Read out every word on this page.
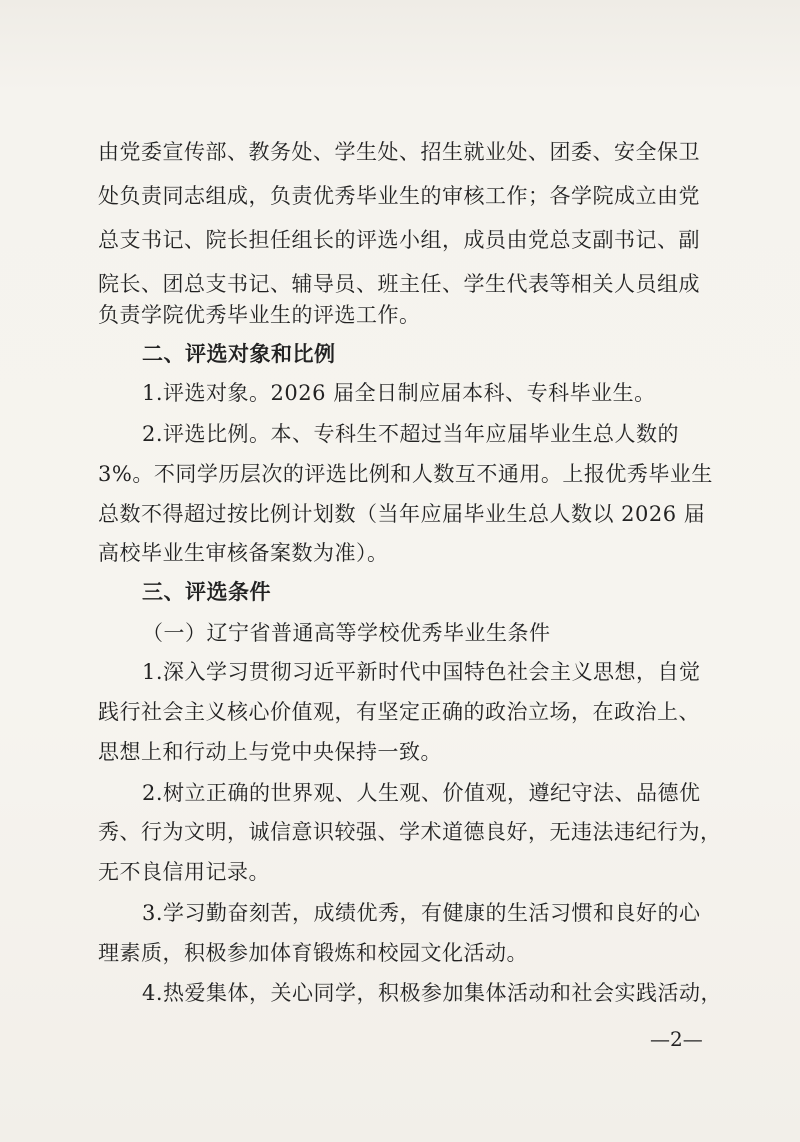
由党委宣传部、教务处、学生处、招生就业处、团委、安全保卫
处负责同志组成，负责优秀毕业生的审核工作；各学院成立由党
总支书记、院长担任组长的评选小组，成员由党总支副书记、副
院长、团总支书记、辅导员、班主任、学生代表等相关人员组成
负责学院优秀毕业生的评选工作。
二、评选对象和比例
1.评选对象。2026 届全日制应届本科、专科毕业生。
2.评选比例。本、专科生不超过当年应届毕业生总人数的
3%。不同学历层次的评选比例和人数互不通用。上报优秀毕业生
总数不得超过按比例计划数（当年应届毕业生总人数以 2026 届
高校毕业生审核备案数为准）。
三、评选条件
（一）辽宁省普通高等学校优秀毕业生条件
1.深入学习贯彻习近平新时代中国特色社会主义思想，自觉
践行社会主义核心价值观，有坚定正确的政治立场，在政治上、
思想上和行动上与党中央保持一致。
2.树立正确的世界观、人生观、价值观，遵纪守法、品德优
秀、行为文明，诚信意识较强、学术道德良好，无违法违纪行为，
无不良信用记录。
3.学习勤奋刻苦，成绩优秀，有健康的生活习惯和良好的心
理素质，积极参加体育锻炼和校园文化活动。
4.热爱集体，关心同学，积极参加集体活动和社会实践活动，
—2—
